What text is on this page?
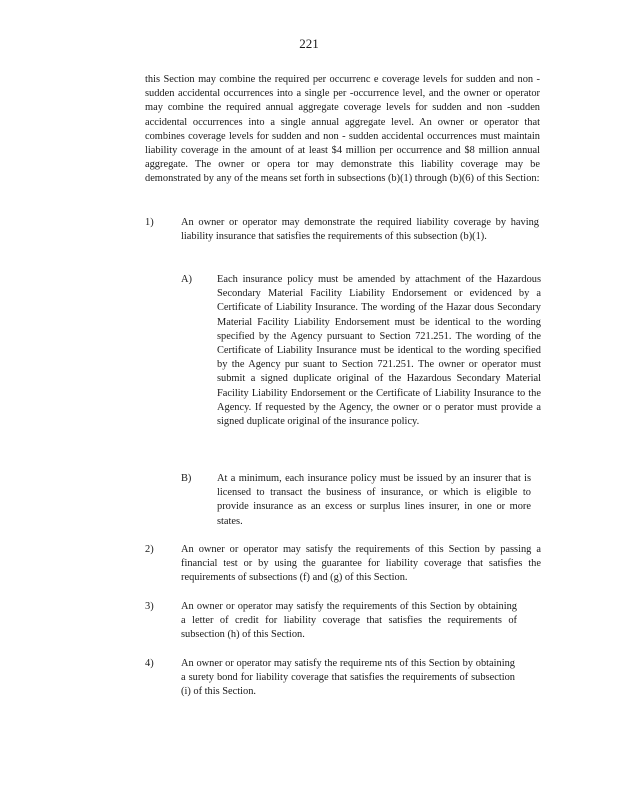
221

this Section may combine the required per occurrenc e coverage levels for sudden and non -sudden accidental occurrences into a single per -occurrence level, and the owner or operator may combine the required annual aggregate coverage levels for sudden and non -sudden accidental occurrences into a single annual aggregate level. An owner or operator that combines coverage levels for sudden and non - sudden accidental occurrences must maintain liability coverage in the amount of at least $4 million per occurrence and $8 million annual aggregate. The owner or opera tor may demonstrate this liability coverage may be demonstrated by any of the means set forth in subsections (b)(1) through (b)(6) of this Section:

1)	An owner or operator may demonstrate the required liability coverage by having liability insurance that satisfies the requirements of this subsection (b)(1).

A) Each insurance policy must be amended by attachment of the Hazardous Secondary Material Facility Liability Endorsement or evidenced by a Certificate of Liability Insurance. The wording of the Hazar dous Secondary Material Facility Liability Endorsement must be identical to the wording specified by the Agency pursuant to Section 721.251. The wording of the Certificate of Liability Insurance must be identical to the wording specified by the Agency pur suant to Section 721.251. The owner or operator must submit a signed duplicate original of the Hazardous Secondary Material Facility Liability Endorsement or the Certificate of Liability Insurance to the Agency. If requested by the Agency, the owner or o perator must provide a signed duplicate original of the insurance policy.

B) At a minimum, each insurance policy must be issued by an insurer that is licensed to transact the business of insurance, or which is eligible to provide insurance as an excess or surplus lines insurer, in one or more states.

2)	An owner or operator may satisfy the requirements of this Section by passing a financial test or by using the guarantee for liability coverage that satisfies the requirements of subsections (f) and (g) of this Section.

3)	An owner or operator may satisfy the requirements of this Section by obtaining a letter of credit for liability coverage that satisfies the requirements of subsection (h) of this Section.

4)	An owner or operator may satisfy the requireme nts of this Section by obtaining a surety bond for liability coverage that satisfies the requirements of subsection (i) of this Section.
